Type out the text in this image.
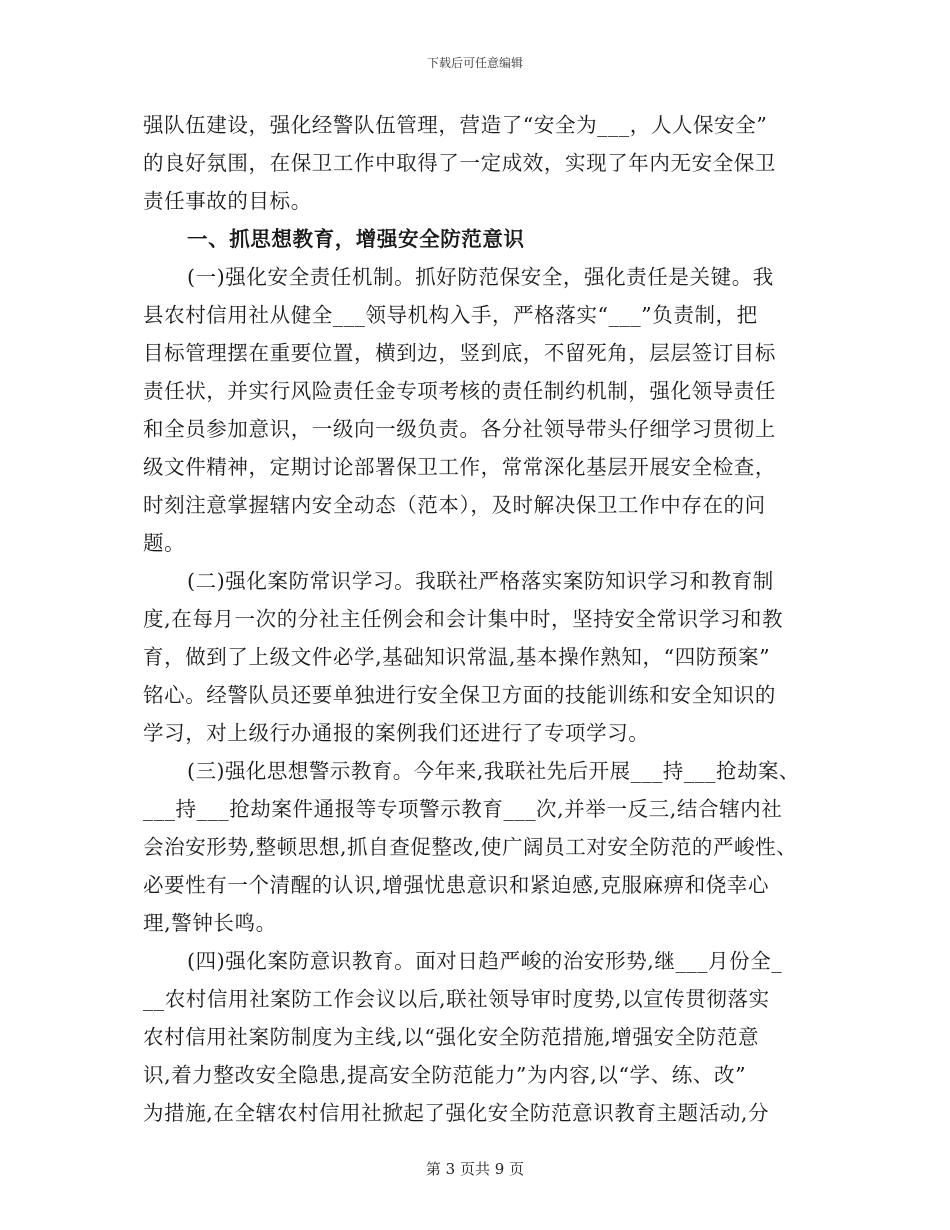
下载后可任意编辑
强队伍建设，强化经警队伍管理，营造了“安全为___，人人保安全”
的良好氛围，在保卫工作中取得了一定成效，实现了年内无安全保卫
责任事故的目标。
一、抓思想教育，增强安全防范意识
(一)强化安全责任机制。抓好防范保安全，强化责任是关键。我
县农村信用社从健全___领导机构入手，严格落实“___”负责制，把
目标管理摆在重要位置，横到边，竖到底，不留死角，层层签订目标
责任状，并实行风险责任金专项考核的责任制约机制，强化领导责任
和全员参加意识，一级向一级负责。各分社领导带头仔细学习贯彻上
级文件精神，定期讨论部署保卫工作，常常深化基层开展安全检查，
时刻注意掌握辖内安全动态（范本），及时解决保卫工作中存在的问
题。
(二)强化案防常识学习。我联社严格落实案防知识学习和教育制
度,在每月一次的分社主任例会和会计集中时，坚持安全常识学习和教
育，做到了上级文件必学,基础知识常温,基本操作熟知，“四防预案”
铭心。经警队员还要单独进行安全保卫方面的技能训练和安全知识的
学习，对上级行办通报的案例我们还进行了专项学习。
(三)强化思想警示教育。今年来,我联社先后开展___持___抢劫案、
___持___抢劫案件通报等专项警示教育___次,并举一反三,结合辖内社
会治安形势,整顿思想,抓自查促整改,使广阔员工对安全防范的严峻性、
必要性有一个清醒的认识,增强忧患意识和紧迫感,克服麻痹和侥幸心
理,警钟长鸣。
(四)强化案防意识教育。面对日趋严峻的治安形势,继___月份全_
__农村信用社案防工作会议以后,联社领导审时度势,以宣传贯彻落实
农村信用社案防制度为主线,以“强化安全防范措施,增强安全防范意
识,着力整改安全隐患,提高安全防范能力”为内容,以“学、练、改”
为措施,在全辖农村信用社掀起了强化安全防范意识教育主题活动,分
第 3 页共 9 页
